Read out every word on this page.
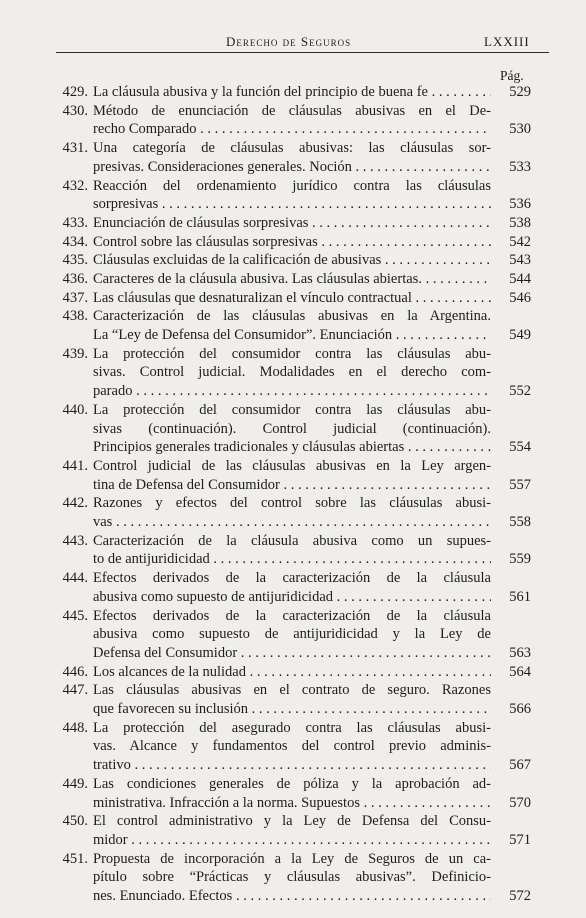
Derecho de Seguros	LXXIII
Pág.
429. La cláusula abusiva y la función del principio de buena fe . . .	529
430. Método de enunciación de cláusulas abusivas en el De-
recho Comparado . . .	530
431. Una categoría de cláusulas abusivas: las cláusulas sor-
presivas. Consideraciones generales. Noción . . .	533
432. Reacción del ordenamiento jurídico contra las cláusulas
sorpresivas . . .	536
433. Enunciación de cláusulas sorpresivas . . .	538
434. Control sobre las cláusulas sorpresivas . . .	542
435. Cláusulas excluidas de la calificación de abusivas . . .	543
436. Caracteres de la cláusula abusiva. Las cláusulas abiertas. . . .	544
437. Las cláusulas que desnaturalizan el vínculo contractual . . .	546
438. Caracterización de las cláusulas abusivas en la Argentina.
La “Ley de Defensa del Consumidor”. Enunciación . . .	549
439. La protección del consumidor contra las cláusulas abu-
sivas. Control judicial. Modalidades en el derecho com-
parado . . .	552
440. La protección del consumidor contra las cláusulas abu-
sivas (continuación). Control judicial (continuación).
Principios generales tradicionales y cláusulas abiertas . . .	554
441. Control judicial de las cláusulas abusivas en la Ley argen-
tina de Defensa del Consumidor . . .	557
442. Razones y efectos del control sobre las cláusulas abusi-
vas . . .	558
443. Caracterización de la cláusula abusiva como un supues-
to de antijuridicidad . . .	559
444. Efectos derivados de la caracterización de la cláusula
abusiva como supuesto de antijuridicidad . . .	561
445. Efectos derivados de la caracterización de la cláusula
abusiva como supuesto de antijuridicidad y la Ley de
Defensa del Consumidor . . .	563
446. Los alcances de la nulidad . . .	564
447. Las cláusulas abusivas en el contrato de seguro. Razones
que favorecen su inclusión . . .	566
448. La protección del asegurado contra las cláusulas abusi-
vas. Alcance y fundamentos del control previo adminis-
trativo . . .	567
449. Las condiciones generales de póliza y la aprobación ad-
ministrativa. Infracción a la norma. Supuestos . . .	570
450. El control administrativo y la Ley de Defensa del Consu-
midor . . .	571
451. Propuesta de incorporación a la Ley de Seguros de un ca-
pítulo sobre “Prácticas y cláusulas abusivas”. Definicio-
nes. Enunciado. Efectos . . .	572
